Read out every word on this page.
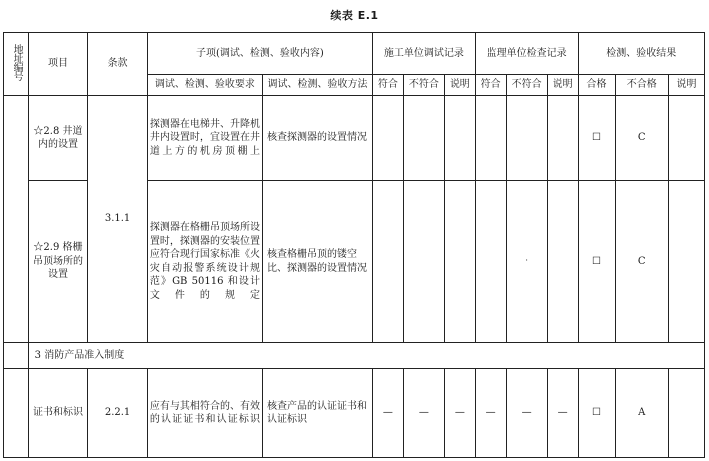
续表 E.1
地址编号	项目	条款	子项(调试、检测、验收内容)		施工单位调试记录			监理单位检查记录			检测、验收结果		
			调试、检测、验收要求	调试、检测、验收方法	符合	不符合	说明	符合	不符合	说明	合格	不合格	说明
	☆2.8 井道内的设置	3.1.1	探测器在电梯井、升降机井内设置时，宜设置在井道上方的机房顶棚上	核查探测器的设置情况							☐	C	
	☆2.9 格栅吊顶场所的设置		探测器在格栅吊顶场所设置时，探测器的安装位置应符合现行国家标准《火灾自动报警系统设计规范》GB 50116 和设计文件的规定	核查格栅吊顶的镂空比、探测器的设置情况					·		☐	C	
	3 消防产品准入制度												
	证书和标识	2.2.1	应有与其相符合的、有效的认证证书和认证标识	核查产品的认证证书和认证标识	—	—	—	—	—	—	☐	A	
